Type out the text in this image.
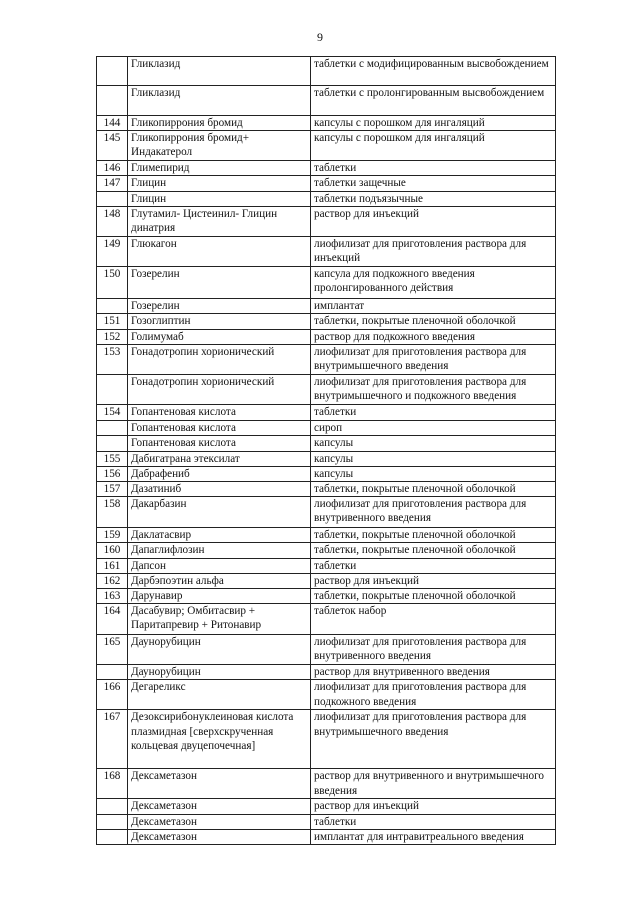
9
	Гликлазид	таблетки с модифицированным высвобождением
	Гликлазид	таблетки с пролонгированным высвобождением
144	Гликопиррония бромид	капсулы с порошком для ингаляций
145	Гликопиррония бромид+ Индакатерол	капсулы с порошком для ингаляций
146	Глимепирид	таблетки
147	Глицин	таблетки защечные
	Глицин	таблетки подъязычные
148	Глутамил- Цистеинил- Глицин динатрия	раствор для инъекций
149	Глюкагон	лиофилизат для приготовления раствора для инъекций
150	Гозерелин	капсула для подкожного введения пролонгированного действия
	Гозерелин	имплантат
151	Гозоглиптин	таблетки, покрытые пленочной оболочкой
152	Голимумаб	раствор для подкожного введения
153	Гонадотропин хорионический	лиофилизат для приготовления раствора для внутримышечного введения
	Гонадотропин хорионический	лиофилизат для приготовления раствора для внутримышечного и подкожного введения
154	Гопантеновая кислота	таблетки
	Гопантеновая кислота	сироп
	Гопантеновая кислота	капсулы
155	Дабигатрана этексилат	капсулы
156	Дабрафениб	капсулы
157	Дазатиниб	таблетки, покрытые пленочной оболочкой
158	Дакарбазин	лиофилизат для приготовления раствора для внутривенного введения
159	Даклатасвир	таблетки, покрытые пленочной оболочкой
160	Дапаглифлозин	таблетки, покрытые пленочной оболочкой
161	Дапсон	таблетки
162	Дарбэпоэтин альфа	раствор для инъекций
163	Дарунавир	таблетки, покрытые пленочной оболочкой
164	Дасабувир; Омбитасвир + Паритапревир + Ритонавир	таблеток набор
165	Даунорубицин	лиофилизат для приготовления раствора для внутривенного введения
	Даунорубицин	раствор для внутривенного введения
166	Дегареликс	лиофилизат для приготовления раствора для подкожного введения
167	Дезоксирибонуклеиновая кислота плазмидная [сверхскрученная кольцевая двуцепочечная]	лиофилизат для приготовления раствора для внутримышечного введения
168	Дексаметазон	раствор для внутривенного и внутримышечного введения
	Дексаметазон	раствор для инъекций
	Дексаметазон	таблетки
	Дексаметазон	имплантат для интравитреального введения
